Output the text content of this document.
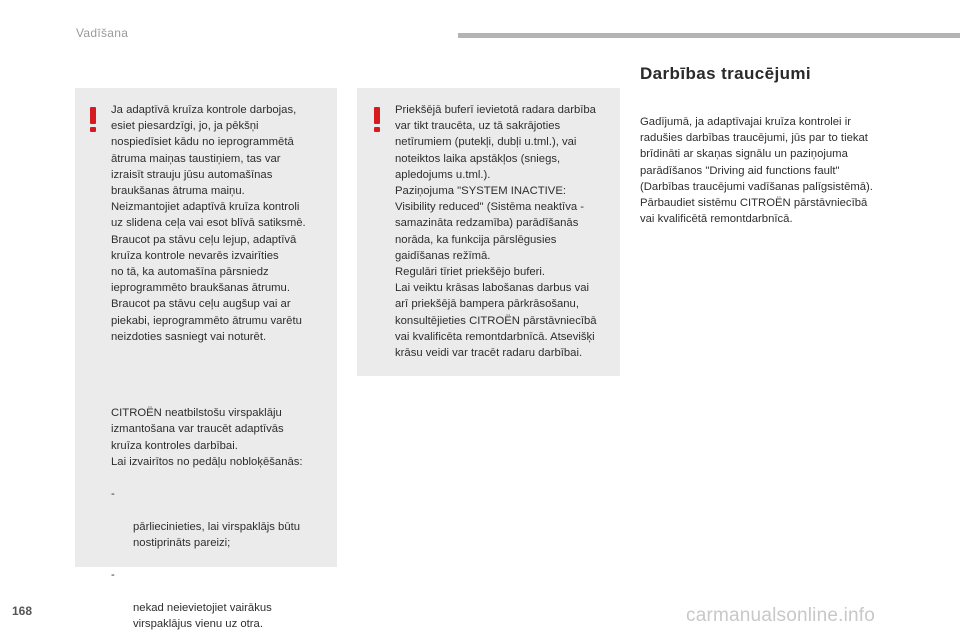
Vadīšana
Ja adaptīvā kruīza kontrole darbojas,
esiet piesardzīgi, jo, ja pēkšņi
nospiedīsiet kādu no ieprogrammētā
ātruma maiņas taustiņiem, tas var
izraisīt strauju jūsu automašīnas
braukšanas ātruma maiņu.
Neizmantojiet adaptīvā kruīza kontroli
uz slidena ceļa vai esot blīvā satiksmē.
Braucot pa stāvu ceļu lejup, adaptīvā
kruīza kontrole nevarēs izvairīties
no tā, ka automašīna pārsniedz
ieprogrammēto braukšanas ātrumu.
Braucot pa stāvu ceļu augšup vai ar
piekabi, ieprogrammēto ātrumu varētu
neizdoties sasniegt vai noturēt.

CITROËN neatbilstošu virspaklāju
izmantošana var traucēt adaptīvās
kruīza kontroles darbībai.
Lai izvairītos no pedāļu nobloķēšanās:

-

pārliecinieties, lai virspaklājs būtu
nostiprināts pareizi;

-

nekad neievietojiet vairākus
virspaklājus vienu uz otra.

Priekšējā buferī ievietotā radara darbība
var tikt traucēta, uz tā sakrājoties
netīrumiem (putekļi, dubļi u.tml.), vai
noteiktos laika apstākļos (sniegs,
apledojums u.tml.).
Paziņojuma "SYSTEM INACTIVE:
Visibility reduced" (Sistēma neaktīva -
samazināta redzamība) parādīšanās
norāda, ka funkcija pārslēgusies
gaidīšanas režīmā.
Regulāri tīriet priekšējo buferi.
Lai veiktu krāsas labošanas darbus vai
arī priekšējā bampera pārkrāsošanu,
konsultējieties CITROËN pārstāvniecībā
vai kvalificēta remontdarbnīcā. Atsevišķi
krāsu veidi var tracēt radaru darbībai.
Darbības traucējumi
Gadījumā, ja adaptīvajai kruīza kontrolei ir
radušies darbības traucējumi, jūs par to tiekat
brīdināti ar skaņas signālu un paziņojuma
parādīšanos "Driving aid functions fault"
(Darbības traucējumi vadīšanas palīgsistēmā).
Pārbaudiet sistēmu CITROËN pārstāvniecībā
vai kvalificētā remontdarbnīcā.
168	carmanualsonline.info
